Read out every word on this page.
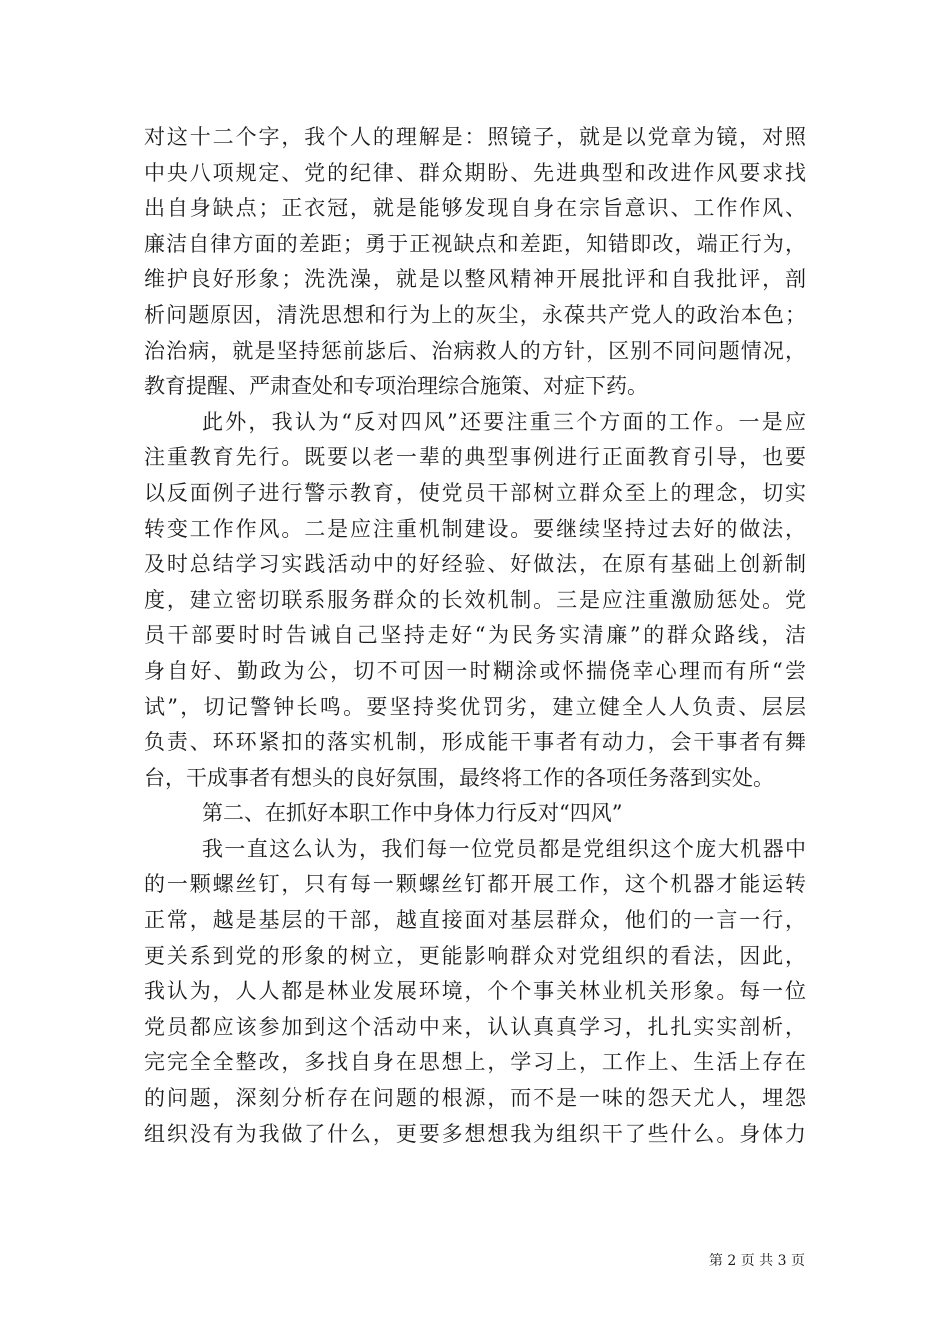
对这十二个字，我个人的理解是：照镜子，就是以党章为镜，对照
中央八项规定、党的纪律、群众期盼、先进典型和改进作风要求找
出自身缺点；正衣冠，就是能够发现自身在宗旨意识、工作作风、
廉洁自律方面的差距；勇于正视缺点和差距，知错即改，端正行为，
维护良好形象；洗洗澡，就是以整风精神开展批评和自我批评，剖
析问题原因，清洗思想和行为上的灰尘，永葆共产党人的政治本色；
治治病，就是坚持惩前毖后、治病救人的方针，区别不同问题情况，
教育提醒、严肃查处和专项治理综合施策、对症下药。
此外，我认为“反对四风”还要注重三个方面的工作。一是应
注重教育先行。既要以老一辈的典型事例进行正面教育引导，也要
以反面例子进行警示教育，使党员干部树立群众至上的理念，切实
转变工作作风。二是应注重机制建设。要继续坚持过去好的做法，
及时总结学习实践活动中的好经验、好做法，在原有基础上创新制
度，建立密切联系服务群众的长效机制。三是应注重激励惩处。党
员干部要时时告诫自己坚持走好“为民务实清廉”的群众路线，洁
身自好、勤政为公，切不可因一时糊涂或怀揣侥幸心理而有所“尝
试”，切记警钟长鸣。要坚持奖优罚劣，建立健全人人负责、层层
负责、环环紧扣的落实机制，形成能干事者有动力，会干事者有舞
台，干成事者有想头的良好氛围，最终将工作的各项任务落到实处。
第二、在抓好本职工作中身体力行反对“四风”
我一直这么认为，我们每一位党员都是党组织这个庞大机器中
的一颗螺丝钉，只有每一颗螺丝钉都开展工作，这个机器才能运转
正常，越是基层的干部，越直接面对基层群众，他们的一言一行，
更关系到党的形象的树立，更能影响群众对党组织的看法，因此，
我认为，人人都是林业发展环境，个个事关林业机关形象。每一位
党员都应该参加到这个活动中来，认认真真学习，扎扎实实剖析，
完完全全整改，多找自身在思想上，学习上，工作上、生活上存在
的问题，深刻分析存在问题的根源，而不是一味的怨天尤人，埋怨
组织没有为我做了什么，更要多想想我为组织干了些什么。身体力
第 2 页 共 3 页
